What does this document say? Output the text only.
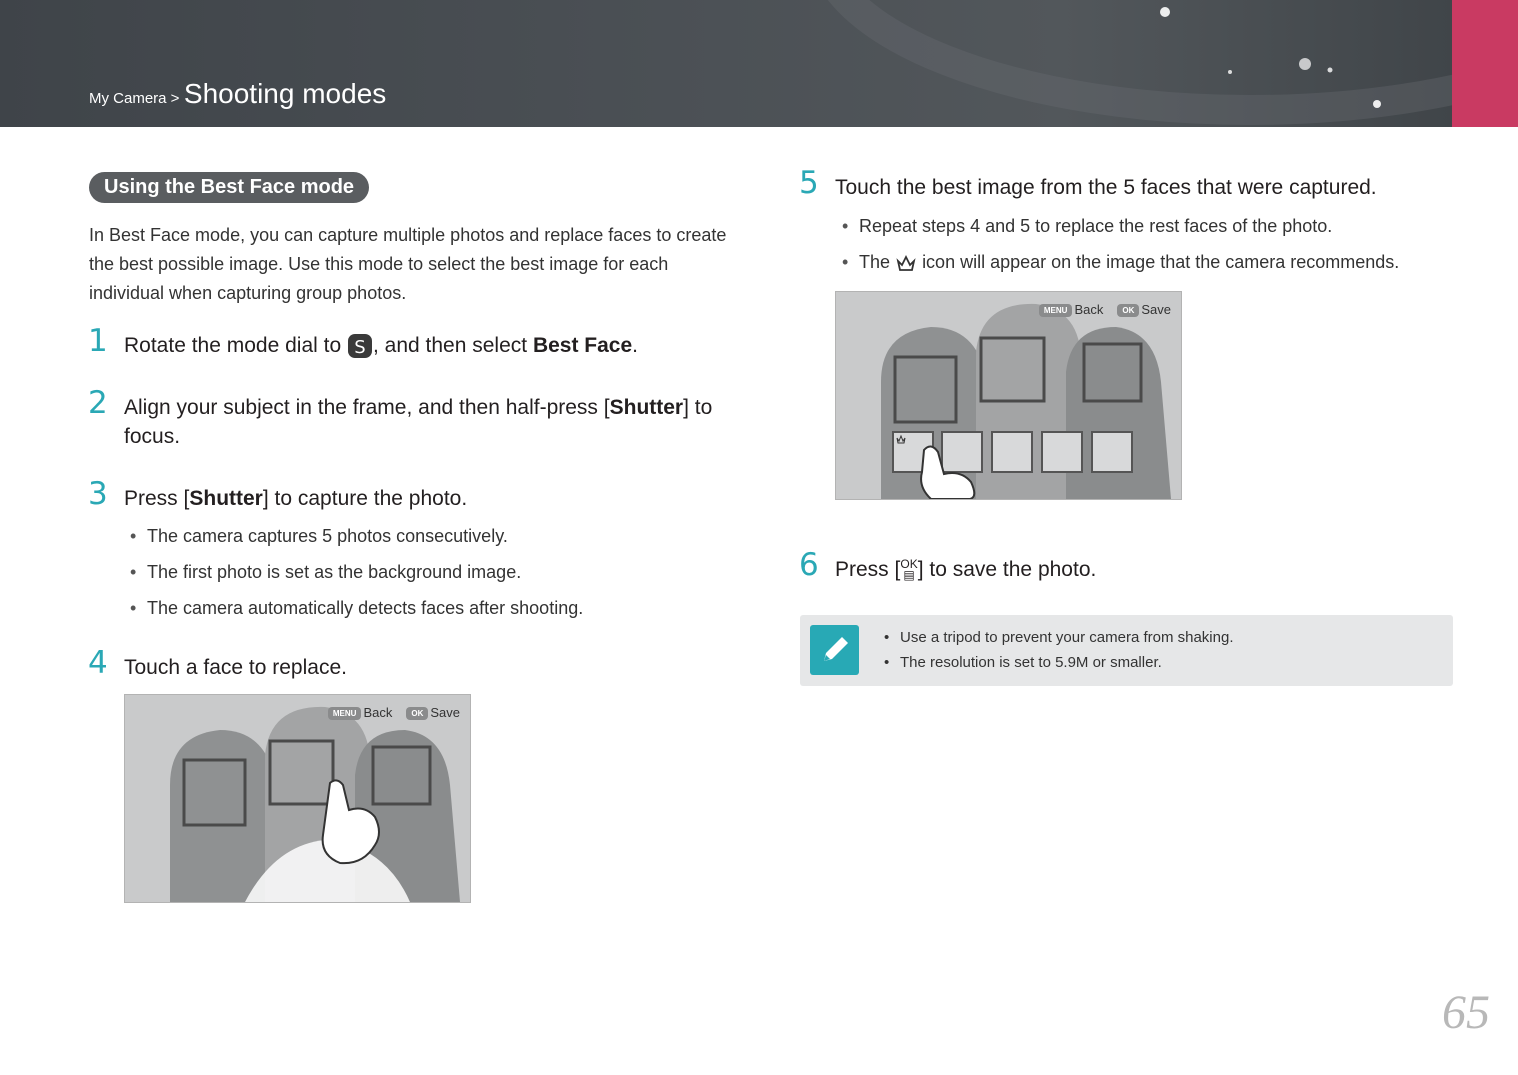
My Camera > Shooting modes
Using the Best Face mode
In Best Face mode, you can capture multiple photos and replace faces to create the best possible image. Use this mode to select the best image for each individual when capturing group photos.
1 Rotate the mode dial to S , and then select Best Face.
2 Align your subject in the frame, and then half-press [Shutter] to focus.
3 Press [Shutter] to capture the photo.
• The camera captures 5 photos consecutively.
• The first photo is set as the background image.
• The camera automatically detects faces after shooting.
4 Touch a face to replace.
MENU Back	OK Save
5 Touch the best image from the 5 faces that were captured.
• Repeat steps 4 and 5 to replace the rest faces of the photo.
• The icon will appear on the image that the camera recommends.
MENU Back	OK Save
6 Press [OK
▤ ] to save the photo.
• Use a tripod to prevent your camera from shaking.
• The resolution is set to 5.9M or smaller.
65
